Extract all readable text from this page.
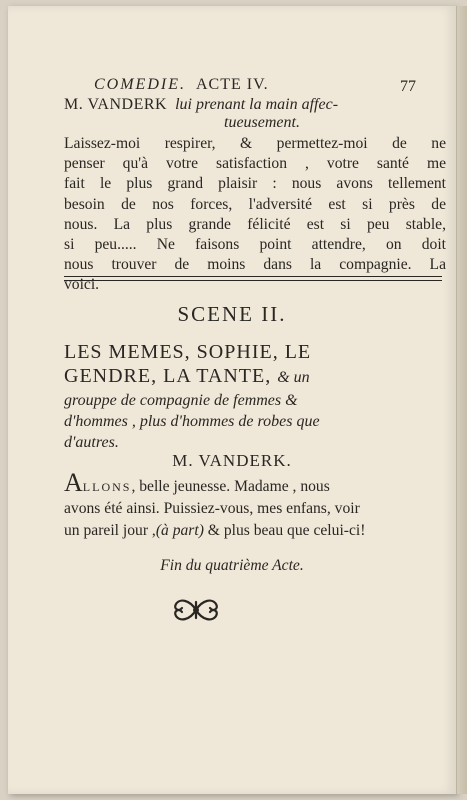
COMEDIE. ACTE IV.	77
M. VANDERK lui prenant la main affec-
tueusement.
Laissez-moi respirer, & permettez-moi de ne
penser qu'à votre satisfaction , votre santé me
fait le plus grand plaisir : nous avons tellement
besoin de nos forces, l'adversité est si près de
nous. La plus grande félicité est si peu stable,
si peu..... Ne faisons point attendre, on doit
nous trouver de moins dans la compagnie. La
voici.
SCENE II.
LES MEMES, SOPHIE, LE
GENDRE, LA TANTE, & un
grouppe de compagnie de femmes &
d'hommes , plus d'hommes de robes que
d'autres.
M. VANDERK.
ALLONS, belle jeunesse. Madame , nous
avons été ainsi. Puissiez-vous, mes enfans, voir
un pareil jour ,(à part) & plus beau que celui-ci!
Fin du quatrième Acte.
